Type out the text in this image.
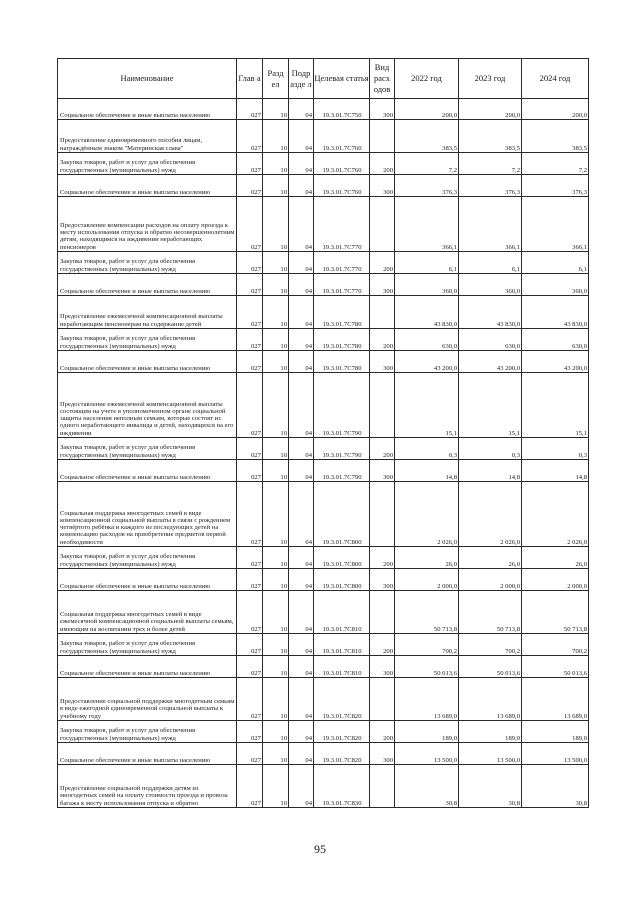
Наименование	Глав а	Разд ел	Подр азде л	Целевая статья	Вид расх одов	2022 год	2023 год	2024 год
Социальное обеспечение и иные выплаты населению	027	10	04	19.3.01.7С750	300	200,0	200,0	200,0
Предоставление единовременного пособия лицам, награждённым знаком "Материнская слава"	027	10	04	19.3.01.7С760		383,5	383,5	383,5
Закупка товаров, работ и услуг для обеспечения государственных (муниципальных) нужд	027	10	04	19.3.01.7С760	200	7,2	7,2	7,2
Социальное обеспечение и иные выплаты населению	027	10	04	19.3.01.7С760	300	376,3	376,3	376,3
Предоставление компенсации расходов на оплату проезда к месту использования отпуска и обратно несовершеннолетним детям, находящимся на иждивении неработающих пенсионеров	027	10	04	19.3.01.7С770		366,1	366,1	366,1
Закупка товаров, работ и услуг для обеспечения государственных (муниципальных) нужд	027	10	04	19.3.01.7С770	200	6,1	6,1	6,1
Социальное обеспечение и иные выплаты населению	027	10	04	19.3.01.7С770	300	360,0	360,0	360,0
Предоставление ежемесячной компенсационной выплаты неработающим пенсионерам на содержание детей	027	10	04	19.3.01.7С780		43 830,0	43 830,0	43 830,0
Закупка товаров, работ и услуг для обеспечения государственных (муниципальных) нужд	027	10	04	19.3.01.7С780	200	630,0	630,0	630,0
Социальное обеспечение и иные выплаты населению	027	10	04	19.3.01.7С780	300	43 200,0	43 200,0	43 200,0
Предоставление ежемесячной компенсационной выплаты состоящим на учете в уполномоченном органе социальной защиты населения неполным семьям, которые состоят из одного неработающего инвалида и детей, находящихся на его иждивении	027	10	04	19.3.01.7С790		15,1	15,1	15,1
Закупка товаров, работ и услуг для обеспечения государственных (муниципальных) нужд	027	10	04	19.3.01.7С790	200	0,3	0,3	0,3
Социальное обеспечение и иные выплаты населению	027	10	04	19.3.01.7С790	300	14,8	14,8	14,8
Социальная поддержка многодетных семей в виде компенсационной социальной выплаты в связи с рождением четвёртого ребёнка и каждого из последующих детей на компенсацию расходов на приобретение предметов первой необходимости	027	10	04	19.3.01.7С800		2 026,0	2 026,0	2 026,0
Закупка товаров, работ и услуг для обеспечения государственных (муниципальных) нужд	027	10	04	19.3.01.7С800	200	26,0	26,0	26,0
Социальное обеспечение и иные выплаты населению	027	10	04	19.3.01.7С800	300	2 000,0	2 000,0	2 000,0
Социальная поддержка многодетных семей в виде ежемесячной компенсационной социальной выплаты семьям, имеющим на воспитании трех и более детей	027	10	04	19.3.01.7С810		50 713,8	50 713,8	50 713,8
Закупка товаров, работ и услуг для обеспечения государственных (муниципальных) нужд	027	10	04	19.3.01.7С810	200	700,2	700,2	700,2
Социальное обеспечение и иные выплаты населению	027	10	04	19.3.01.7С810	300	50 013,6	50 013,6	50 013,6
Предоставление социальной поддержки многодетным семьям в виде ежегодной единовременной социальной выплаты к учебному году	027	10	04	19.3.01.7С820		13 689,0	13 689,0	13 689,0
Закупка товаров, работ и услуг для обеспечения государственных (муниципальных) нужд	027	10	04	19.3.01.7С820	200	189,0	189,0	189,0
Социальное обеспечение и иные выплаты населению	027	10	04	19.3.01.7С820	300	13 500,0	13 500,0	13 500,0
Предоставление социальной поддержки детям из многодетных семей на оплату стоимости проезда и провоза багажа к месту использования отпуска и обратно	027	10	04	19.3.01.7С830		30,8	30,8	30,8
95
